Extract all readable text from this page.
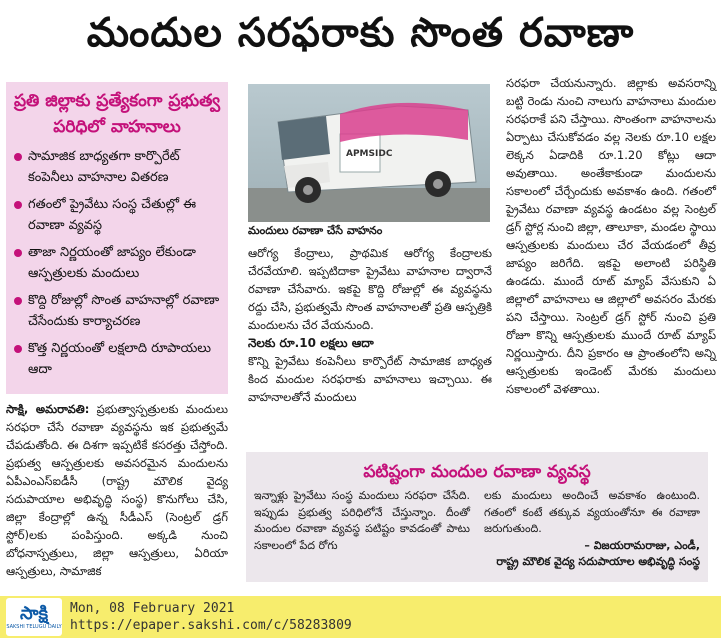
మందుల సరఫరాకు సొంత రవాణా
ప్రతి జిల్లాకు ప్రత్యేకంగా ప్రభుత్వ పరిధిలో వాహనాలు
సామాజిక బాధ్యతగా కార్పొరేట్ కంపెనీలు వాహనాల వితరణ
గతంలో ప్రైవేటు సంస్థ చేతుల్లో ఈ రవాణా వ్యవస్థ
తాజా నిర్ణయంతో జాప్యం లేకుండా ఆస్పత్రులకు మందులు
కొద్ది రోజుల్లో సొంత వాహనాల్లో రవాణా చేసేందుకు కార్యాచరణ
కొత్త నిర్ణయంతో లక్షలాది రూపాయలు ఆదా
సాక్షి, అమరావతి: ప్రభుత్వాస్పత్రులకు మందులు సరఫరా చేసే రవాణా వ్యవస్థను ఇక ప్రభుత్వమే చేపడుతోంది. ఈ దిశగా ఇప్పటికే కసరత్తు చేస్తోంది. ప్రభుత్వ ఆస్పత్రులకు అవసరమైన మందులను ఏపీఎంఎస్ఐడీసీ (రాష్ట్ర మౌలిక వైద్య సదుపాయాల అభివృద్ధి సంస్థ) కొనుగోలు చేసి, జిల్లా కేంద్రాల్లో ఉన్న సీడీఎస్ (సెంట్రల్ డ్రగ్ స్టోర్)లకు పంపిస్తుంది. అక్కడి నుంచి బోధనాస్పత్రులు, జిల్లా ఆస్పత్రులు, ఏరియా ఆస్పత్రులు, సామాజిక
APMSIDC
మందులు రవాణా చేసే వాహనం
ఆరోగ్య కేంద్రాలు, ప్రాథమిక ఆరోగ్య కేంద్రాలకు చేరవేయాలి. ఇప్పటిదాకా ప్రైవేటు వాహనాల ద్వారానే రవాణా చేసేవారు. ఇకపై కొద్ది రోజుల్లో ఈ వ్యవస్థను రద్దు చేసి, ప్రభుత్వమే సొంత వాహనాలతో ప్రతి ఆస్పత్రికి మందులను చేర వేయనుంది.
నెలకు రూ.10 లక్షలు ఆదా
కొన్ని ప్రైవేటు కంపెనీలు కార్పొరేట్ సామాజిక బాధ్యత కింద మందుల సరఫరాకు వాహనాలు ఇచ్చాయి. ఈ వాహనాలతోనే మందులు
సరఫరా చేయనున్నారు. జిల్లాకు అవసరాన్ని బట్టి రెండు నుంచి నాలుగు వాహనాలు మందుల సరఫరాకే పని చేస్తాయి. సొంతంగా వాహనాలను ఏర్పాటు చేసుకోవడం వల్ల నెలకు రూ.10 లక్షల లెక్కన ఏడాదికి రూ.1.20 కోట్లు ఆదా అవుతాయి. అంతేకాకుండా మందులను సకాలంలో చేర్చేందుకు అవకాశం ఉంది. గతంలో ప్రైవేటు రవాణా వ్యవస్థ ఉండటం వల్ల సెంట్రల్ డ్రగ్ స్టోర్ల నుంచి జిల్లా, తాలూకా, మండల స్థాయి ఆస్పత్రులకు మందులు చేర వేయడంలో తీవ్ర జాప్యం జరిగేది. ఇకపై అలాంటి పరిస్థితి ఉండదు. ముందే రూట్ మ్యాప్ వేసుకుని ఏ జిల్లాలో వాహనాలు ఆ జిల్లాలో అవసరం మేరకు పని చేస్తాయి. సెంట్రల్ డ్రగ్ స్టోర్ నుంచి ప్రతి రోజూ కొన్ని ఆస్పత్రులకు ముందే రూట్ మ్యాప్ నిర్ణయిస్తారు. దీని ప్రకారం ఆ ప్రాంతంలోని అన్ని ఆస్పత్రులకు ఇండెంట్ మేరకు మందులు సకాలంలో వెళతాయి.
పటిష్టంగా మందుల రవాణా వ్యవస్థ
ఇన్నాళ్లు ప్రైవేటు సంస్థ మందులు సరఫరా చేసేది. ఇప్పుడు ప్రభుత్వ పరిధిలోనే చేస్తున్నాం. దీంతో మందుల రవాణా వ్యవస్థ పటిష్టం కావడంతో పాటు సకాలంలో పేద రోగు
లకు మందులు అందించే అవకాశం ఉంటుంది. గతంలో కంటే తక్కువ వ్యయంతోనూ ఈ రవాణా జరుగుతుంది.
– విజయరామరాజు, ఎండీ,
రాష్ట్ర మౌలిక వైద్య సదుపాయాల అభివృద్ధి సంస్థ
సాక్షి
SAKSHI TELUGU DAILY
Mon, 08 February 2021
https://epaper.sakshi.com/c/58283809
